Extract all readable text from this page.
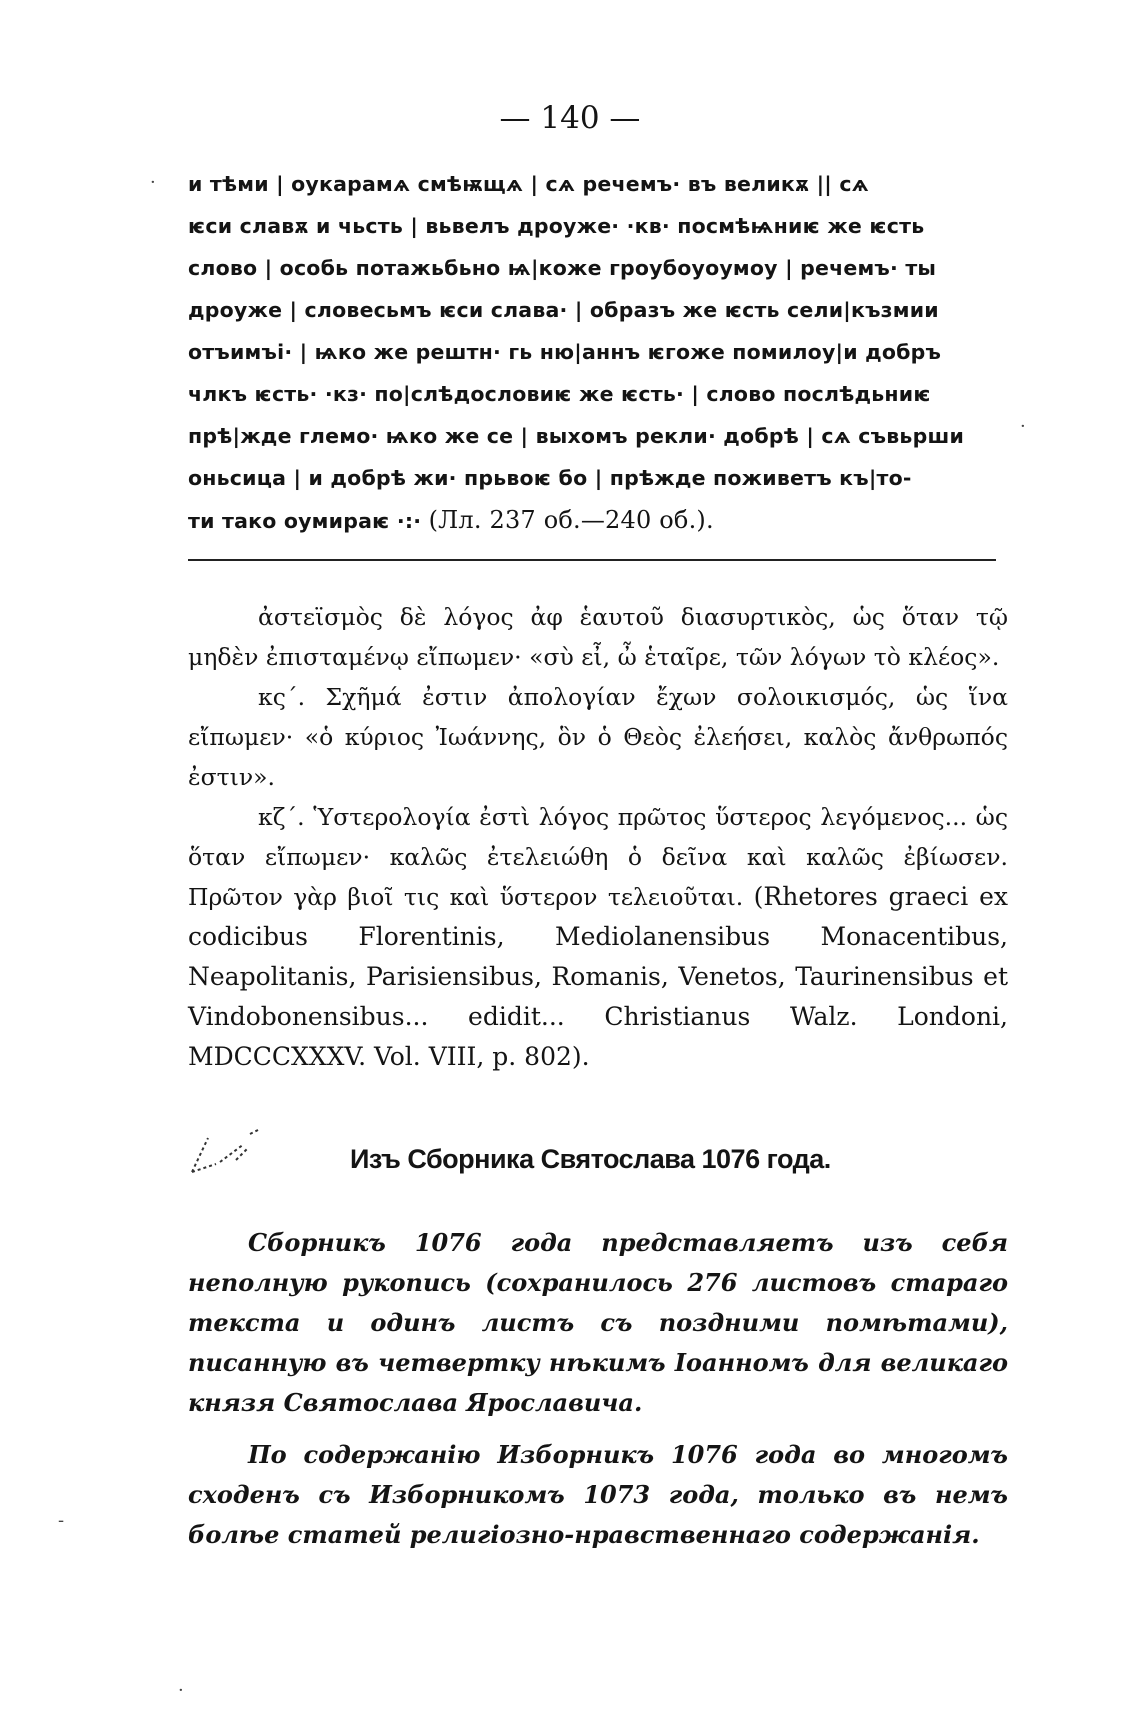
— 140 —
и тѣми | оукарамѧ смѣѭщѧ | сѧ речемъ· въ великѫ || сѧ
ѥси славѫ и чьсть | вьвелъ дроуже· ·кв· посмѣѩниѥ же ѥсть
слово | особь потажьбьно ѩ|коже гроубоуоумоу | речемъ· ты
дроуже | словесьмъ ѥси слава· | образъ же ѥсть сели|къзмии
отъимъі· | ѩко же рештн· гь ню|аннъ ѥгоже помилоу|и добръ
члкъ ѥсть· ·кз· по|слѣдословиѥ же ѥсть· | слово послѣдьниѥ
прѣ|жде глемо· ѩко же се | выхомъ рекли· добрѣ | сѧ съвьрши
оньсица | и добрѣ жи· прьвоѥ бо | прѣжде поживетъ къ|то-
ти тако оумираѥ ·:· (Лл. 237 об.—240 об.).

ἀστεϊσμὸς δὲ λόγος ἀφ ἑαυτοῦ διασυρτικὸς, ὡς ὅταν τῷ μηδὲν ἐπισταμένῳ εἴπωμεν· «σὺ εἶ, ὦ ἑταῖρε, τῶν λόγων τὸ κλέος».

κς΄. Σχῆμά ἐστιν ἀπολογίαν ἔχων σολοικισμός, ὡς ἵνα εἴπωμεν· «ὁ κύριος Ἰωάννης, ὃν ὁ Θεὸς ἐλεήσει, καλὸς ἄνθρωπός ἐστιν».

κζ΄. Ὑστερολογία ἐστὶ λόγος πρῶτος ὕστερος λεγόμενος... ὡς ὅταν εἴπωμεν· καλῶς ἐτελειώθη ὁ δεῖνα καὶ καλῶς ἐβίωσεν. Πρῶτον γὰρ βιοῖ τις καὶ ὕστερον τελειοῦται. (Rhetores graeci ex codicibus Florentinis, Mediolanensibus Monacentibus, Neapolitanis, Parisiensibus, Romanis, Venetos, Taurinensibus et Vindobonensibus... edidit... Christianus Walz. Londoni, MDCCCXXXV. Vol. VIII, p. 802).

Изъ Сборника Святослава 1076 года.

Сборникъ 1076 года представляетъ изъ себя неполную рукопись (сохранилось 276 листовъ стараго текста и одинъ листъ съ поздними помѣтами), писанную въ четвертку нѣкимъ Іоанномъ для великаго князя Святослава Ярославича.

По содержанію Изборникъ 1076 года во многомъ сходенъ съ Изборникомъ 1073 года, только въ немъ болѣе статей религіозно-нравственнаго содержанія.

·
·
-
·
